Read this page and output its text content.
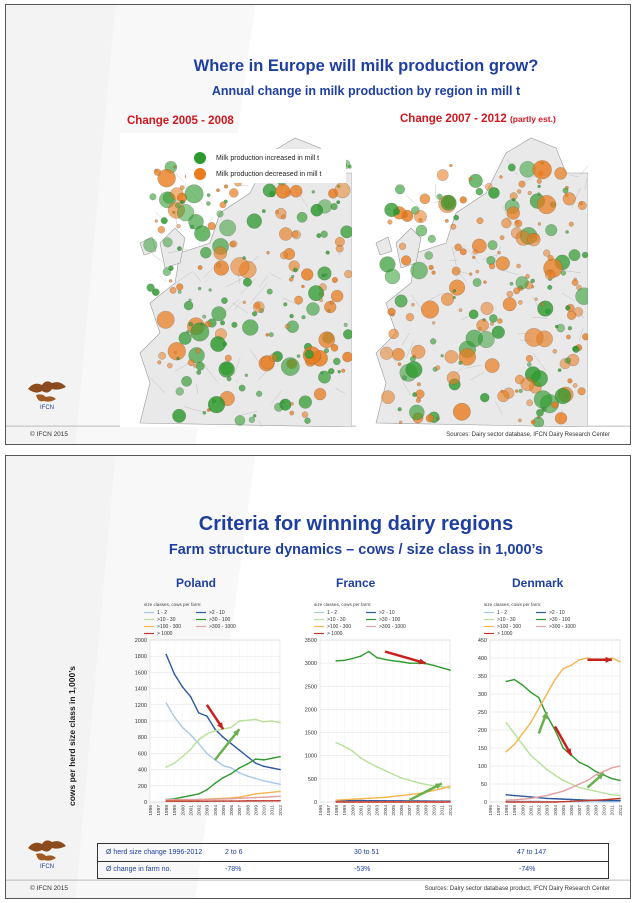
Where in Europe will milk production grow?
Annual change in milk production by region in mill t
Change 2005 - 2008	Change 2007 - 2012 (partly est.)
Milk production increased in mill t
Milk production decreased in mill t
IFCN
© IFCN 2015	Sources: Dairy sector database, IFCN Dairy Research Center
Criteria for winning dairy regions
Farm structure dynamics – cows / size class in 1,000’s
Poland	France	Denmark
cows per herd size class in 1,000’s
size classes, cows per farm:
1 - 2	>2 - 10
>10 - 30	>30 - 100
>100 - 300	>300 - 1000
> 1000
0
200
400
600
800
1000
1200
1400
1600
1800
2000
1996 1997 1998 1999 2000 2001 2002 2003 2004 2005 2006 2007 2008 2009 2010 2011 2012
size classes, cows per farm:
1 - 2	>2 - 10
>10 - 30	>30 - 100
>100 - 300	>300 - 1000
> 1000
0
500
1000
1500
2000
2500
3000
3500
1996 1997 1998 1999 2000 2001 2002 2003 2004 2005 2006 2007 2008 2009 2010 2011 2012
size classes, cows per farm:
1 - 2	>2 - 10
>10 - 30	>30 - 100
>100 - 300	>300 - 1000
> 1000
0
50
100
150
200
250
300
350
400
450
1996 1997 1998 1999 2000 2001 2002 2003 2004 2005 2006 2007 2008 2009 2010 2011 2012
Ø herd size change 1996-2012	2 to 6	30 to 51	47 to 147
Ø change in farm no.	-78%	-53%	-74%
IFCN
© IFCN 2015	Sources: Dairy sector database product, IFCN Dairy Research Center
